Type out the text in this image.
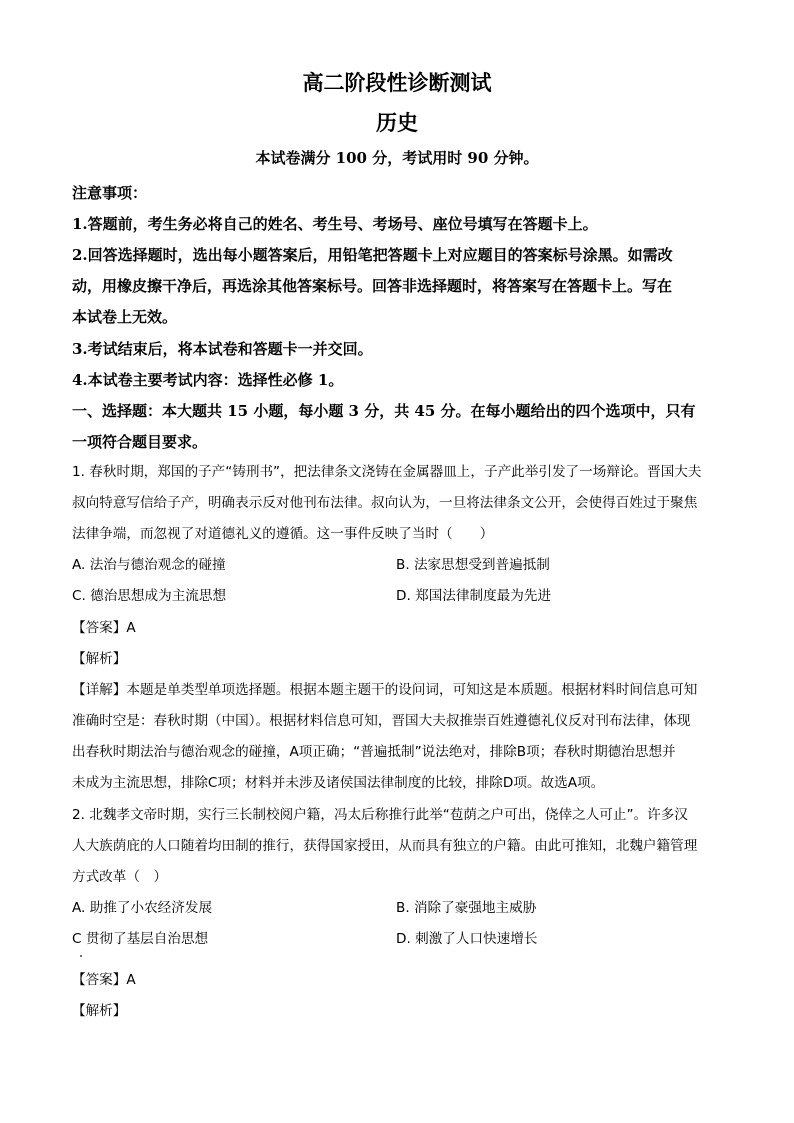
高二阶段性诊断测试
历史
本试卷满分 100 分，考试用时 90 分钟。
注意事项：
1.答题前，考生务必将自己的姓名、考生号、考场号、座位号填写在答题卡上。
2.回答选择题时，选出每小题答案后，用铅笔把答题卡上对应题目的答案标号涂黑。如需改
动，用橡皮擦干净后，再选涂其他答案标号。回答非选择题时，将答案写在答题卡上。写在
本试卷上无效。
3.考试结束后，将本试卷和答题卡一并交回。
4.本试卷主要考试内容：选择性必修 1。
一、选择题：本大题共 15 小题，每小题 3 分，共 45 分。在每小题给出的四个选项中，只有
一项符合题目要求。
1. 春秋时期，郑国的子产“铸刑书”，把法律条文浇铸在金属器皿上，子产此举引发了一场辩论。晋国大夫
叔向特意写信给子产，明确表示反对他刊布法律。叔向认为，一旦将法律条文公开，会使得百姓过于聚焦
法律争端，而忽视了对道德礼义的遵循。这一事件反映了当时（　　）
A. 法治与德治观念的碰撞	B. 法家思想受到普遍抵制
C. 德治思想成为主流思想	D. 郑国法律制度最为先进
【答案】A
【解析】
【详解】本题是单类型单项选择题。根据本题主题干的设问词，可知这是本质题。根据材料时间信息可知
准确时空是：春秋时期（中国）。根据材料信息可知，晋国大夫叔推崇百姓遵德礼仪反对刊布法律，体现
出春秋时期法治与德治观念的碰撞，A项正确；“普遍抵制”说法绝对，排除B项；春秋时期德治思想并
未成为主流思想，排除C项；材料并未涉及诸侯国法律制度的比较，排除D项。故选A项。
2. 北魏孝文帝时期，实行三长制校阅户籍，冯太后称推行此举“苞荫之户可出，侥倖之人可止”。许多汉
人大族荫庇的人口随着均田制的推行，获得国家授田，从而具有独立的户籍。由此可推知，北魏户籍管理
方式改革（　）
A. 助推了小农经济发展	B. 消除了豪强地主威胁
C 贯彻了基层自治思想	D. 刺激了人口快速增长
【答案】A
【解析】
